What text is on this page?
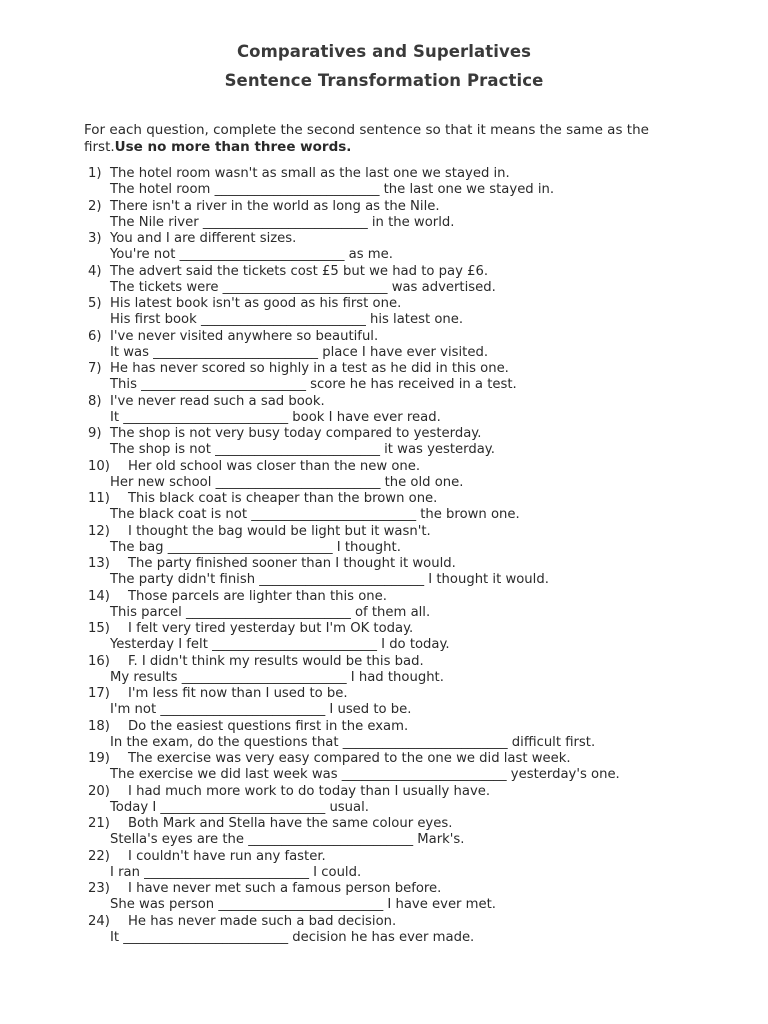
Comparatives and Superlatives
Sentence Transformation Practice
For each question, complete the second sentence so that it means the same as the first.Use no more than three words.
1) The hotel room wasn't as small as the last one we stayed in.
The hotel room _________________________ the last one we stayed in.
2) There isn't a river in the world as long as the Nile.
The Nile river _________________________ in the world.
3) You and I are different sizes.
You're not _________________________ as me.
4) The advert said the tickets cost £5 but we had to pay £6.
The tickets were _________________________ was advertised.
5) His latest book isn't as good as his first one.
His first book _________________________ his latest one.
6) I've never visited anywhere so beautiful.
It was _________________________ place I have ever visited.
7) He has never scored so highly in a test as he did in this one.
This _________________________ score he has received in a test.
8) I've never read such a sad book.
It _________________________ book I have ever read.
9) The shop is not very busy today compared to yesterday.
The shop is not _________________________ it was yesterday.
10) Her old school was closer than the new one.
Her new school _________________________ the old one.
11) This black coat is cheaper than the brown one.
The black coat is not _________________________ the brown one.
12) I thought the bag would be light but it wasn't.
The bag _________________________ I thought.
13) The party finished sooner than I thought it would.
The party didn't finish _________________________ I thought it would.
14) Those parcels are lighter than this one.
This parcel _________________________ of them all.
15) I felt very tired yesterday but I'm OK today.
Yesterday I felt _________________________ I do today.
16) F. I didn't think my results would be this bad.
My results _________________________ I had thought.
17) I'm less fit now than I used to be.
I'm not _________________________ I used to be.
18) Do the easiest questions first in the exam.
In the exam, do the questions that _________________________ difficult first.
19) The exercise was very easy compared to the one we did last week.
The exercise we did last week was _________________________ yesterday's one.
20) I had much more work to do today than I usually have.
Today I _________________________ usual.
21) Both Mark and Stella have the same colour eyes.
Stella's eyes are the _________________________ Mark's.
22) I couldn't have run any faster.
I ran _________________________ I could.
23) I have never met such a famous person before.
She was person _________________________ I have ever met.
24) He has never made such a bad decision.
It _________________________ decision he has ever made.
